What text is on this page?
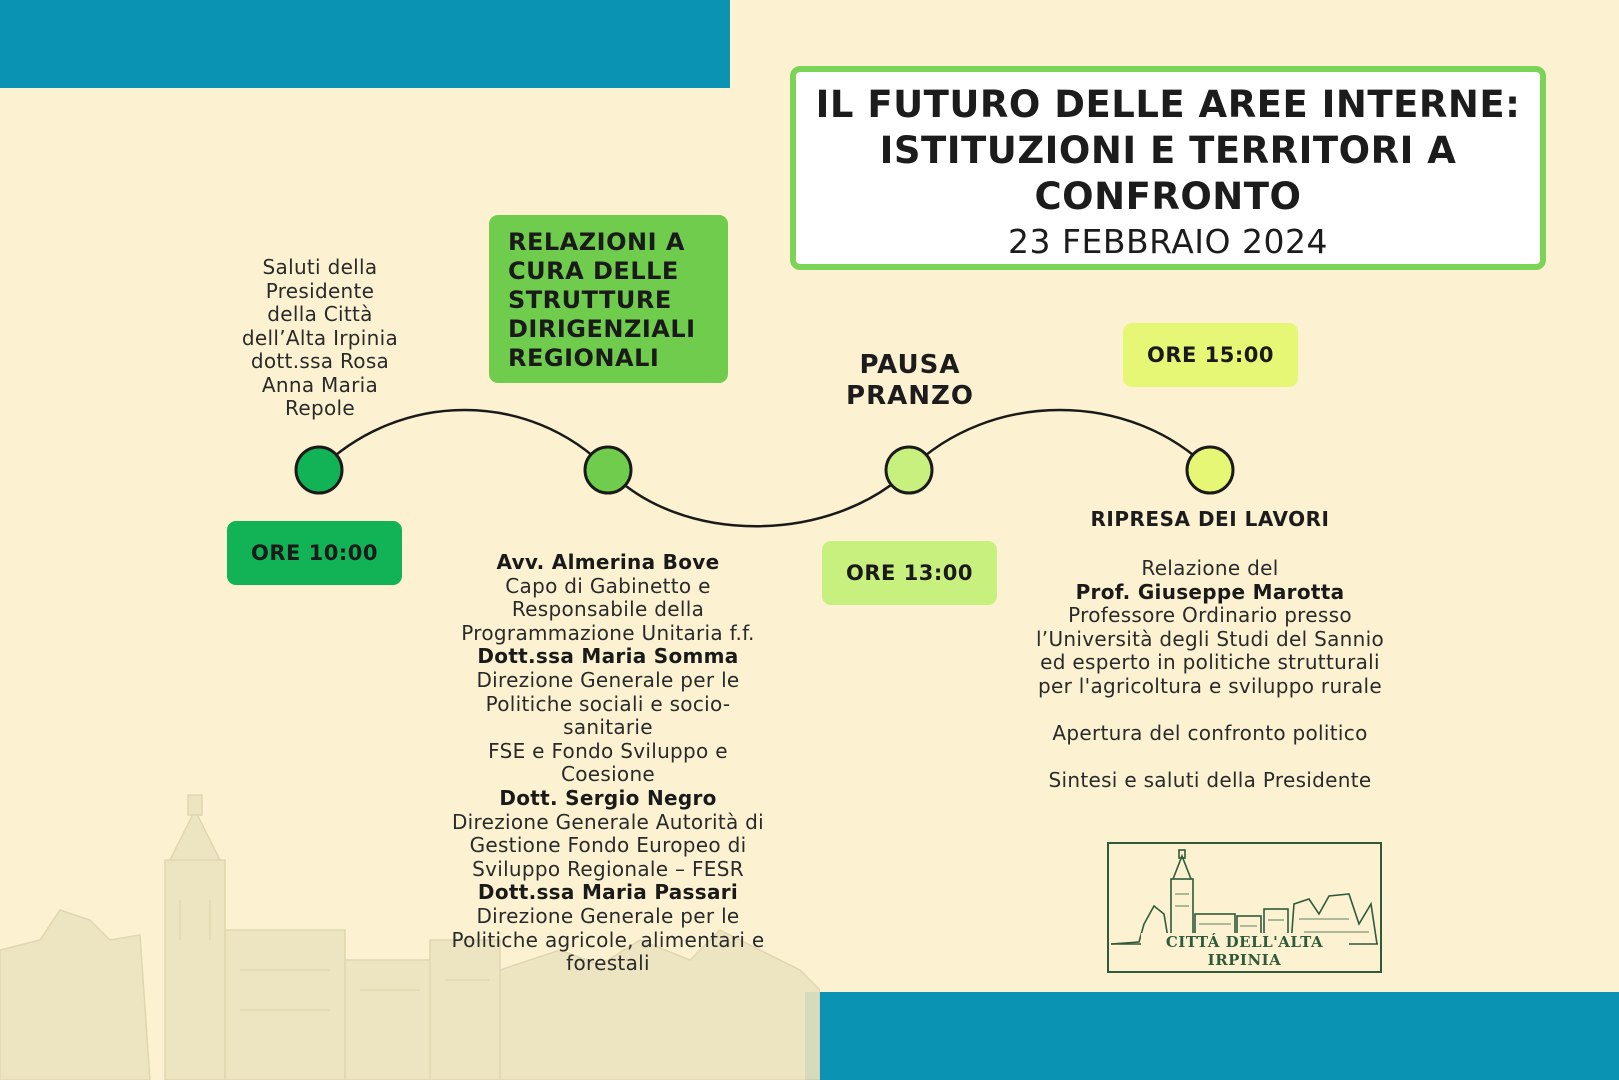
IL FUTURO DELLE AREE INTERNE:
ISTITUZIONI E TERRITORI A
CONFRONTO
23 FEBBRAIO 2024
Saluti della
Presidente
della Città
dell’Alta Irpinia
dott.ssa Rosa
Anna Maria
Repole
ORE 10:00
RELAZIONI A
CURA DELLE
STRUTTURE
DIRIGENZIALI
REGIONALI
Avv. Almerina Bove
Capo di Gabinetto e
Responsabile della
Programmazione Unitaria f.f.
Dott.ssa Maria Somma
Direzione Generale per le
Politiche sociali e socio-
sanitarie
FSE e Fondo Sviluppo e
Coesione
Dott. Sergio Negro
Direzione Generale Autorità di
Gestione Fondo Europeo di
Sviluppo Regionale – FESR
Dott.ssa Maria Passari
Direzione Generale per le
Politiche agricole, alimentari e
forestali
PAUSA
PRANZO
ORE 13:00
ORE 15:00
RIPRESA DEI LAVORI
Relazione del
Prof. Giuseppe Marotta
Professore Ordinario presso
l’Università degli Studi del Sannio
ed esperto in politiche strutturali
per l'agricoltura e sviluppo rurale
Apertura del confronto politico
Sintesi e saluti della Presidente
CITTÁ DELL'ALTA IRPINIA
